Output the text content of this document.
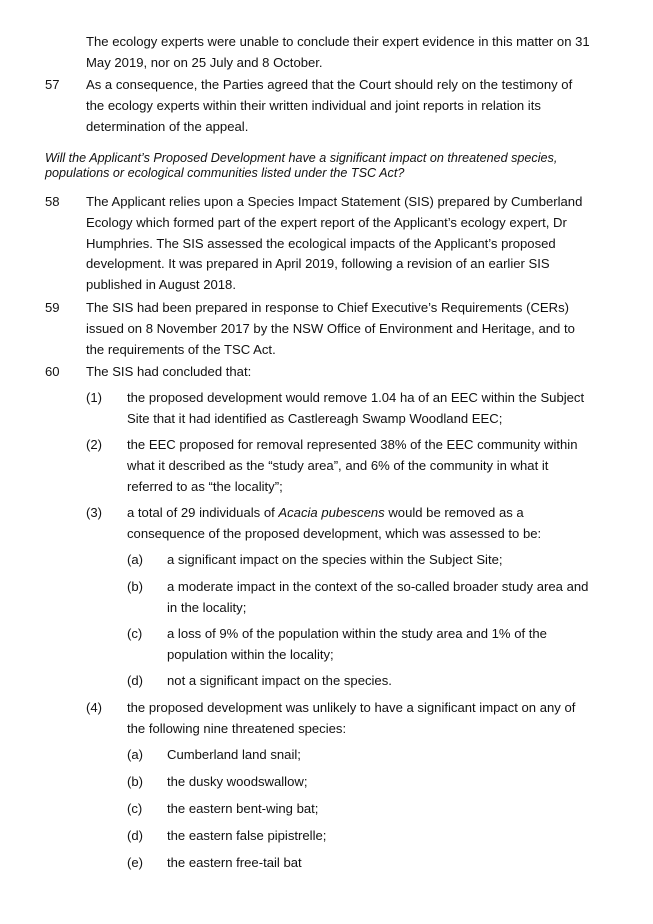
The ecology experts were unable to conclude their expert evidence in this matter on 31
May 2019, nor on 25 July and 8 October.
57 As a consequence, the Parties agreed that the Court should rely on the testimony of
the ecology experts within their written individual and joint reports in relation its
determination of the appeal.
Will the Applicant’s Proposed Development have a significant impact on threatened species,
populations or ecological communities listed under the TSC Act?
58 The Applicant relies upon a Species Impact Statement (SIS) prepared by Cumberland
Ecology which formed part of the expert report of the Applicant’s ecology expert, Dr
Humphries. The SIS assessed the ecological impacts of the Applicant’s proposed
development. It was prepared in April 2019, following a revision of an earlier SIS
published in August 2018.
59 The SIS had been prepared in response to Chief Executive’s Requirements (CERs)
issued on 8 November 2017 by the NSW Office of Environment and Heritage, and to
the requirements of the TSC Act.
60 The SIS had concluded that:
(1) the proposed development would remove 1.04 ha of an EEC within the Subject
Site that it had identified as Castlereagh Swamp Woodland EEC;
(2) the EEC proposed for removal represented 38% of the EEC community within
what it described as the “study area”, and 6% of the community in what it
referred to as “the locality”;
(3) a total of 29 individuals of Acacia pubescens would be removed as a
consequence of the proposed development, which was assessed to be:
(a) a significant impact on the species within the Subject Site;
(b) a moderate impact in the context of the so-called broader study area and
in the locality;
(c) a loss of 9% of the population within the study area and 1% of the
population within the locality;
(d) not a significant impact on the species.
(4) the proposed development was unlikely to have a significant impact on any of
the following nine threatened species:
(a) Cumberland land snail;
(b) the dusky woodswallow;
(c) the eastern bent-wing bat;
(d) the eastern false pipistrelle;
(e) the eastern free-tail bat
